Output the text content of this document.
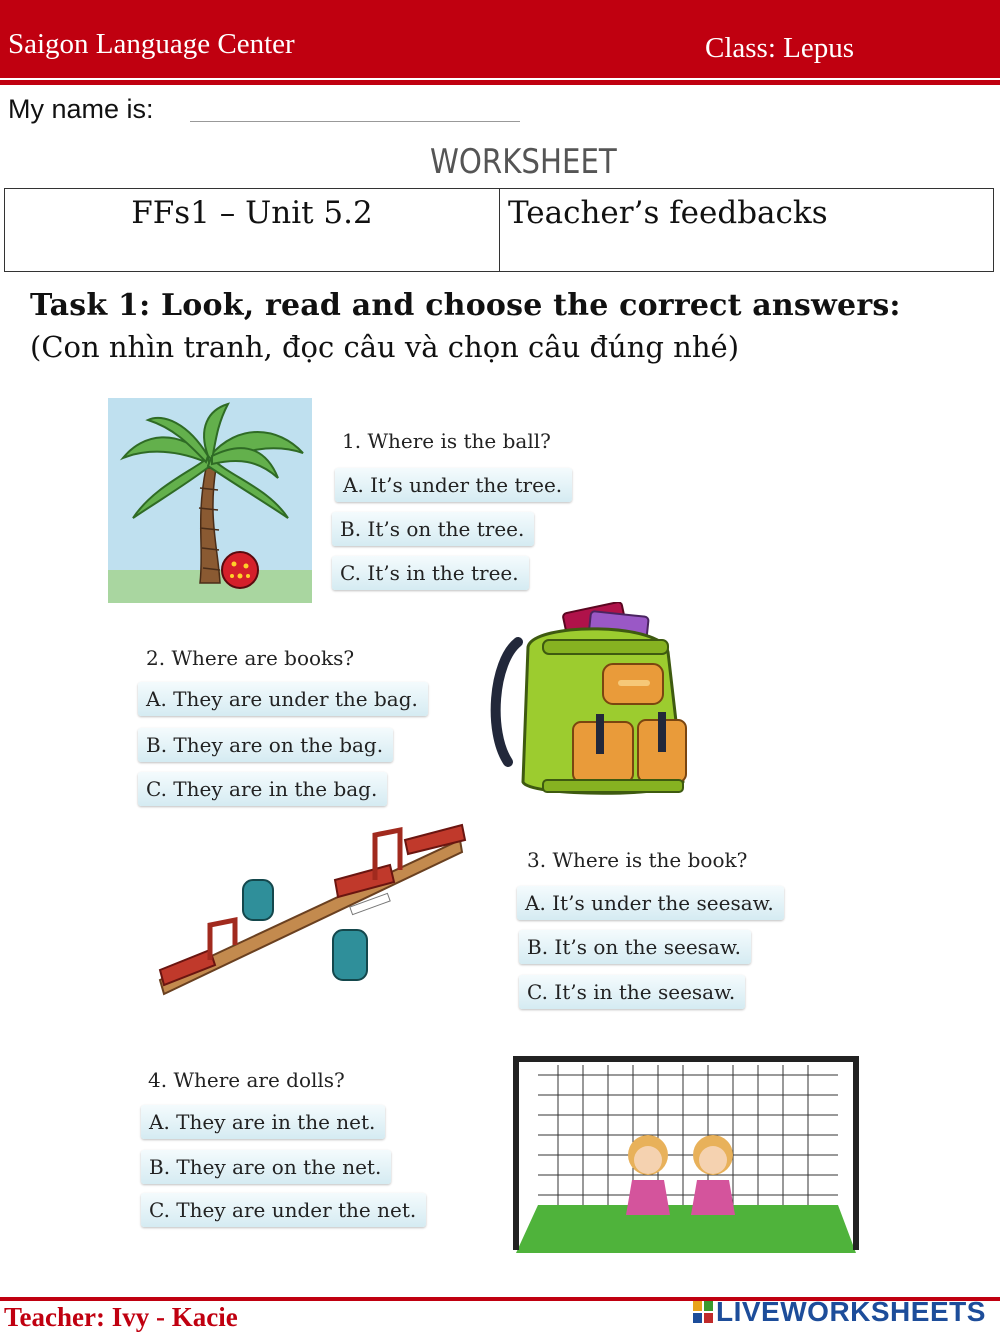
Saigon Language Center	Class: Lepus
My name is:
WORKSHEET
FFs1 – Unit 5.2	Teacher’s feedbacks
Task 1: Look, read and choose the correct answers:
(Con nhìn tranh, đọc câu và chọn câu đúng nhé)
1. Where is the ball?
A. It’s under the tree.
B. It’s on the tree.
C. It’s in the tree.
2. Where are books?
A. They are under the bag.
B. They are on the bag.
C. They are in the bag.
3. Where is the book?
A. It’s under the seesaw.
B. It’s on the seesaw.
C. It’s in the seesaw.
4. Where are dolls?
A. They are in the net.
B. They are on the net.
C. They are under the net.
Teacher: Ivy - Kacie	LIVEWORKSHEETS
